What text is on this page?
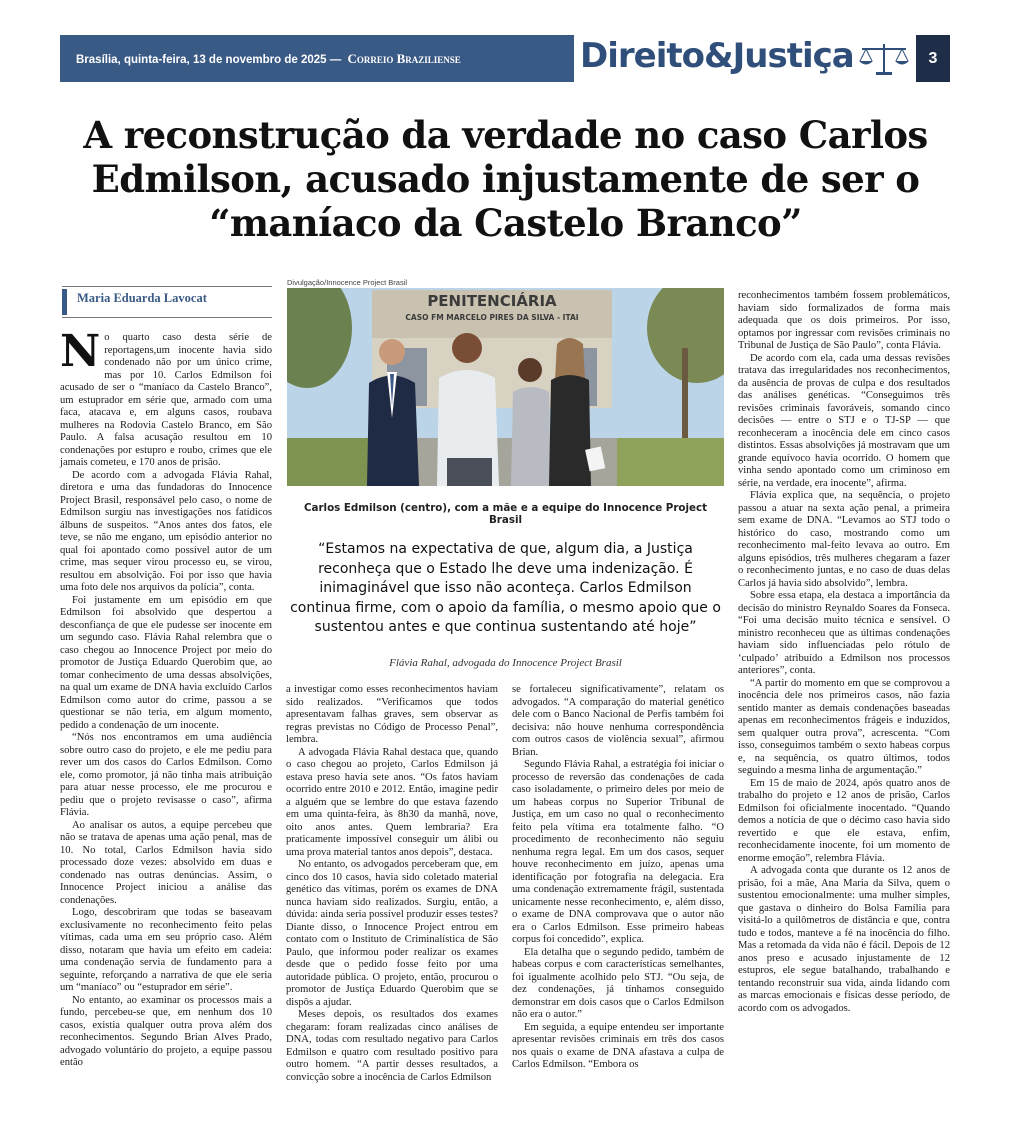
Brasília, quinta-feira, 13 de novembro de 2025 — Correio Braziliense	Direito&Justiça	3
A reconstrução da verdade no caso Carlos Edmilson, acusado injustamente de ser o “maníaco da Castelo Branco”
Maria Eduarda Lavocat

No quarto caso desta série de reportagens,um inocente havia sido condenado não por um único crime, mas por 10. Carlos Edmilson foi acusado de ser o “maníaco da Castelo Branco”, um estuprador em série que, armado com uma faca, atacava e, em alguns casos, roubava mulheres na Rodovia Castelo Branco, em São Paulo. A falsa acusação resultou em 10 condenações por estupro e roubo, crimes que ele jamais cometeu, e 170 anos de prisão.

De acordo com a advogada Flávia Rahal, diretora e uma das fundadoras do Innocence Project Brasil, responsável pelo caso, o nome de Edmilson surgiu nas investigações nos fatídicos álbuns de suspeitos. “Anos antes dos fatos, ele teve, se não me engano, um episódio anterior no qual foi apontado como possível autor de um crime, mas sequer virou processo eu, se virou, resultou em absolvição. Foi por isso que havia uma foto dele nos arquivos da polícia”, conta.

Foi justamente em um episódio em que Edmilson foi absolvido que despertou a desconfiança de que ele pudesse ser inocente em um segundo caso. Flávia Rahal relembra que o caso chegou ao Innocence Project por meio do promotor de Justiça Eduardo Querobim que, ao tomar conhecimento de uma dessas absolvições, na qual um exame de DNA havia excluído Carlos Edmilson como autor do crime, passou a se questionar se não teria, em algum momento, pedido a condenação de um inocente.

“Nós nos encontramos em uma audiência sobre outro caso do projeto, e ele me pediu para rever um dos casos do Carlos Edmilson. Como ele, como promotor, já não tinha mais atribuição para atuar nesse processo, ele me procurou e pediu que o projeto revisasse o caso”, afirma Flávia.

Ao analisar os autos, a equipe percebeu que não se tratava de apenas uma ação penal, mas de 10. No total, Carlos Edmilson havia sido processado doze vezes: absolvido em duas e condenado nas outras denúncias. Assim, o Innocence Project iniciou a análise das condenações.

Logo, descobriram que todas se baseavam exclusivamente no reconhecimento feito pelas vítimas, cada uma em seu próprio caso. Além disso, notaram que havia um efeito em cadeia: uma condenação servia de fundamento para a seguinte, reforçando a narrativa de que ele seria um “maníaco” ou “estuprador em série”.

No entanto, ao examinar os processos mais a fundo, percebeu-se que, em nenhum dos 10 casos, existia qualquer outra prova além dos reconhecimentos. Segundo Brian Alves Prado, advogado voluntário do projeto, a equipe passou então

Divulgação/Innocence Project Brasil
PENITENCIÁRIA
CASO FM MARCELO PIRES DA SILVA - ITAI
Carlos Edmilson (centro), com a mãe e a equipe do Innocence Project Brasil
“Estamos na expectativa de que, algum dia, a Justiça reconheça que o Estado lhe deve uma indenização. É inimaginável que isso não aconteça. Carlos Edmilson continua firme, com o apoio da família, o mesmo apoio que o sustentou antes e que continua sustentando até hoje”
Flávia Rahal, advogada do Innocence Project Brasil

a investigar como esses reconhecimentos haviam sido realizados. “Verificamos que todos apresentavam falhas graves, sem observar as regras previstas no Código de Processo Penal”, lembra.

A advogada Flávia Rahal destaca que, quando o caso chegou ao projeto, Carlos Edmilson já estava preso havia sete anos. “Os fatos haviam ocorrido entre 2010 e 2012. Então, imagine pedir a alguém que se lembre do que estava fazendo em uma quinta-feira, às 8h30 da manhã, nove, oito anos antes. Quem lembraria? Era praticamente impossível conseguir um álibi ou uma prova material tantos anos depois”, destaca.

No entanto, os advogados perceberam que, em cinco dos 10 casos, havia sido coletado material genético das vítimas, porém os exames de DNA nunca haviam sido realizados. Surgiu, então, a dúvida: ainda seria possível produzir esses testes? Diante disso, o Innocence Project entrou em contato com o Instituto de Criminalística de São Paulo, que informou poder realizar os exames desde que o pedido fosse feito por uma autoridade pública. O projeto, então, procurou o promotor de Justiça Eduardo Querobim que se dispôs a ajudar.

Meses depois, os resultados dos exames chegaram: foram realizadas cinco análises de DNA, todas com resultado negativo para Carlos Edmilson e quatro com resultado positivo para outro homem. “A partir desses resultados, a convicção sobre a inocência de Carlos Edmilson

se fortaleceu significativamente”, relatam os advogados. “A comparação do material genético dele com o Banco Nacional de Perfis também foi decisiva: não houve nenhuma correspondência com outros casos de violência sexual”, afirmou Brian.

Segundo Flávia Rahal, a estratégia foi iniciar o processo de reversão das condenações de cada caso isoladamente, o primeiro deles por meio de um habeas corpus no Superior Tribunal de Justiça, em um caso no qual o reconhecimento feito pela vítima era totalmente falho. “O procedimento de reconhecimento não seguiu nenhuma regra legal. Em um dos casos, sequer houve reconhecimento em juízo, apenas uma identificação por fotografia na delegacia. Era uma condenação extremamente frágil, sustentada unicamente nesse reconhecimento, e, além disso, o exame de DNA comprovava que o autor não era o Carlos Edmilson. Esse primeiro habeas corpus foi concedido”, explica.

Ela detalha que o segundo pedido, também de habeas corpus e com características semelhantes, foi igualmente acolhido pelo STJ. “Ou seja, de dez condenações, já tínhamos conseguido demonstrar em dois casos que o Carlos Edmilson não era o autor.”

Em seguida, a equipe entendeu ser importante apresentar revisões criminais em três dos casos nos quais o exame de DNA afastava a culpa de Carlos Edmilson. “Embora os

reconhecimentos também fossem problemáticos, haviam sido formalizados de forma mais adequada que os dois primeiros. Por isso, optamos por ingressar com revisões criminais no Tribunal de Justiça de São Paulo”, conta Flávia.

De acordo com ela, cada uma dessas revisões tratava das irregularidades nos reconhecimentos, da ausência de provas de culpa e dos resultados das análises genéticas. “Conseguimos três revisões criminais favoráveis, somando cinco decisões — entre o STJ e o TJ-SP — que reconheceram a inocência dele em cinco casos distintos. Essas absolvições já mostravam que um grande equívoco havia ocorrido. O homem que vinha sendo apontado como um criminoso em série, na verdade, era inocente”, afirma.

Flávia explica que, na sequência, o projeto passou a atuar na sexta ação penal, a primeira sem exame de DNA. “Levamos ao STJ todo o histórico do caso, mostrando como um reconhecimento mal-feito levava ao outro. Em alguns episódios, três mulheres chegaram a fazer o reconhecimento juntas, e no caso de duas delas Carlos já havia sido absolvido”, lembra.

Sobre essa etapa, ela destaca a importância da decisão do ministro Reynaldo Soares da Fonseca. “Foi uma decisão muito técnica e sensível. O ministro reconheceu que as últimas condenações haviam sido influenciadas pelo rótulo de ‘culpado’ atribuído a Edmilson nos processos anteriores”, conta.

“A partir do momento em que se comprovou a inocência dele nos primeiros casos, não fazia sentido manter as demais condenações baseadas apenas em reconhecimentos frágeis e induzidos, sem qualquer outra prova”, acrescenta. “Com isso, conseguimos também o sexto habeas corpus e, na sequência, os quatro últimos, todos seguindo a mesma linha de argumentação.”

Em 15 de maio de 2024, após quatro anos de trabalho do projeto e 12 anos de prisão, Carlos Edmilson foi oficialmente inocentado. “Quando demos a notícia de que o décimo caso havia sido revertido e que ele estava, enfim, reconhecidamente inocente, foi um momento de enorme emoção”, relembra Flávia.

A advogada conta que durante os 12 anos de prisão, foi a mãe, Ana Maria da Silva, quem o sustentou emocionalmente: uma mulher simples, que gastava o dinheiro do Bolsa Família para visitá-lo a quilômetros de distância e que, contra tudo e todos, manteve a fé na inocência do filho. Mas a retomada da vida não é fácil. Depois de 12 anos preso e acusado injustamente de 12 estupros, ele segue batalhando, trabalhando e tentando reconstruir sua vida, ainda lidando com as marcas emocionais e físicas desse período, de acordo com os advogados.
